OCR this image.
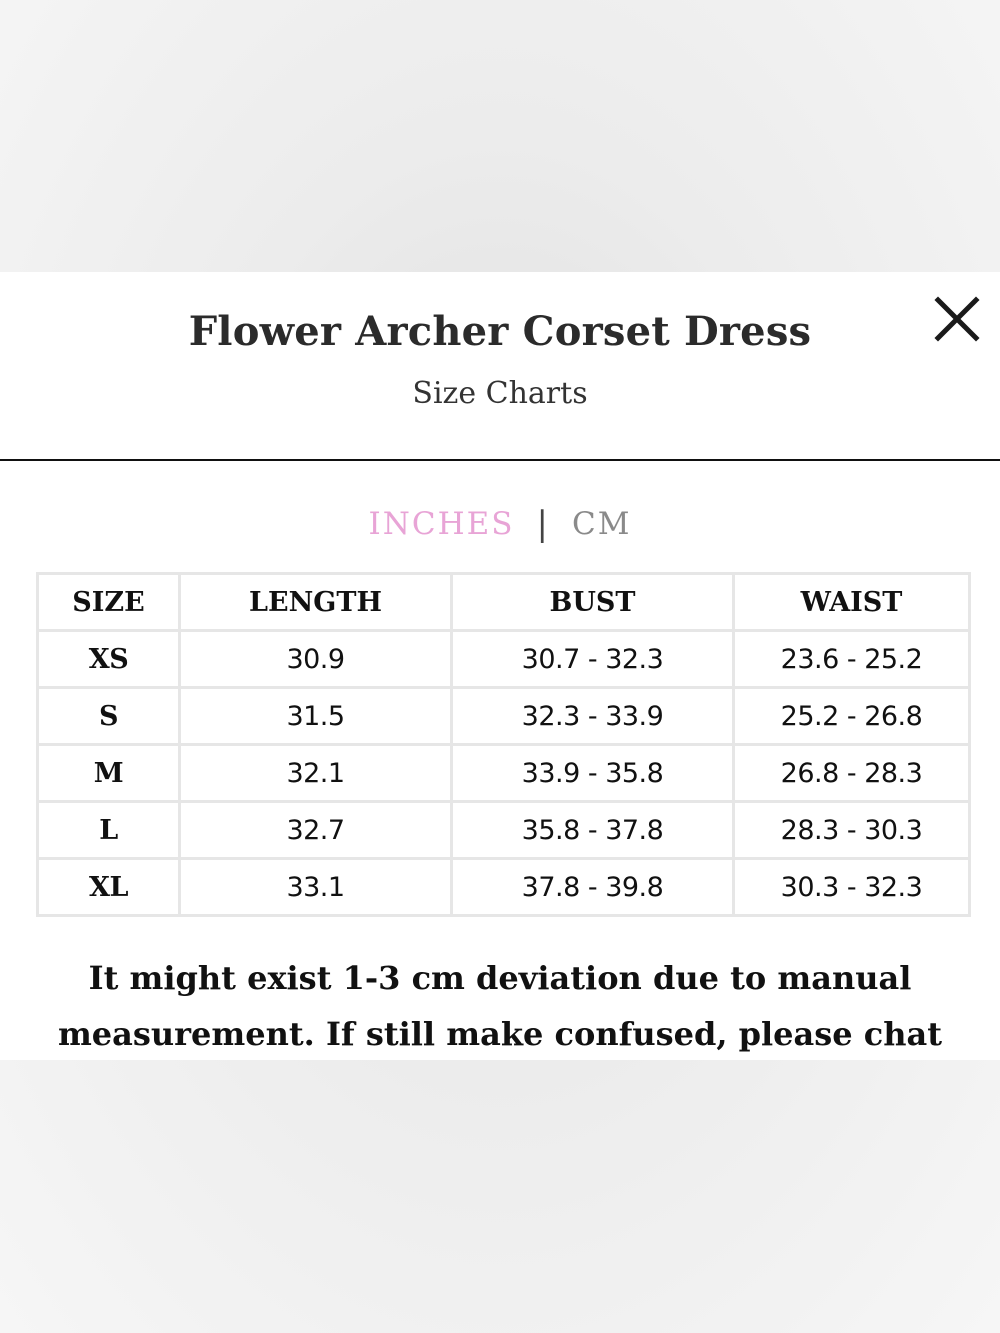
Flower Archer Corset Dress
Size Charts
INCHES | CM
SIZE	LENGTH	BUST	WAIST
XS	30.9	30.7 - 32.3	23.6 - 25.2
S	31.5	32.3 - 33.9	25.2 - 26.8
M	32.1	33.9 - 35.8	26.8 - 28.3
L	32.7	35.8 - 37.8	28.3 - 30.3
XL	33.1	37.8 - 39.8	30.3 - 32.3
It might exist 1-3 cm deviation due to manual
measurement. If still make confused, please chat
